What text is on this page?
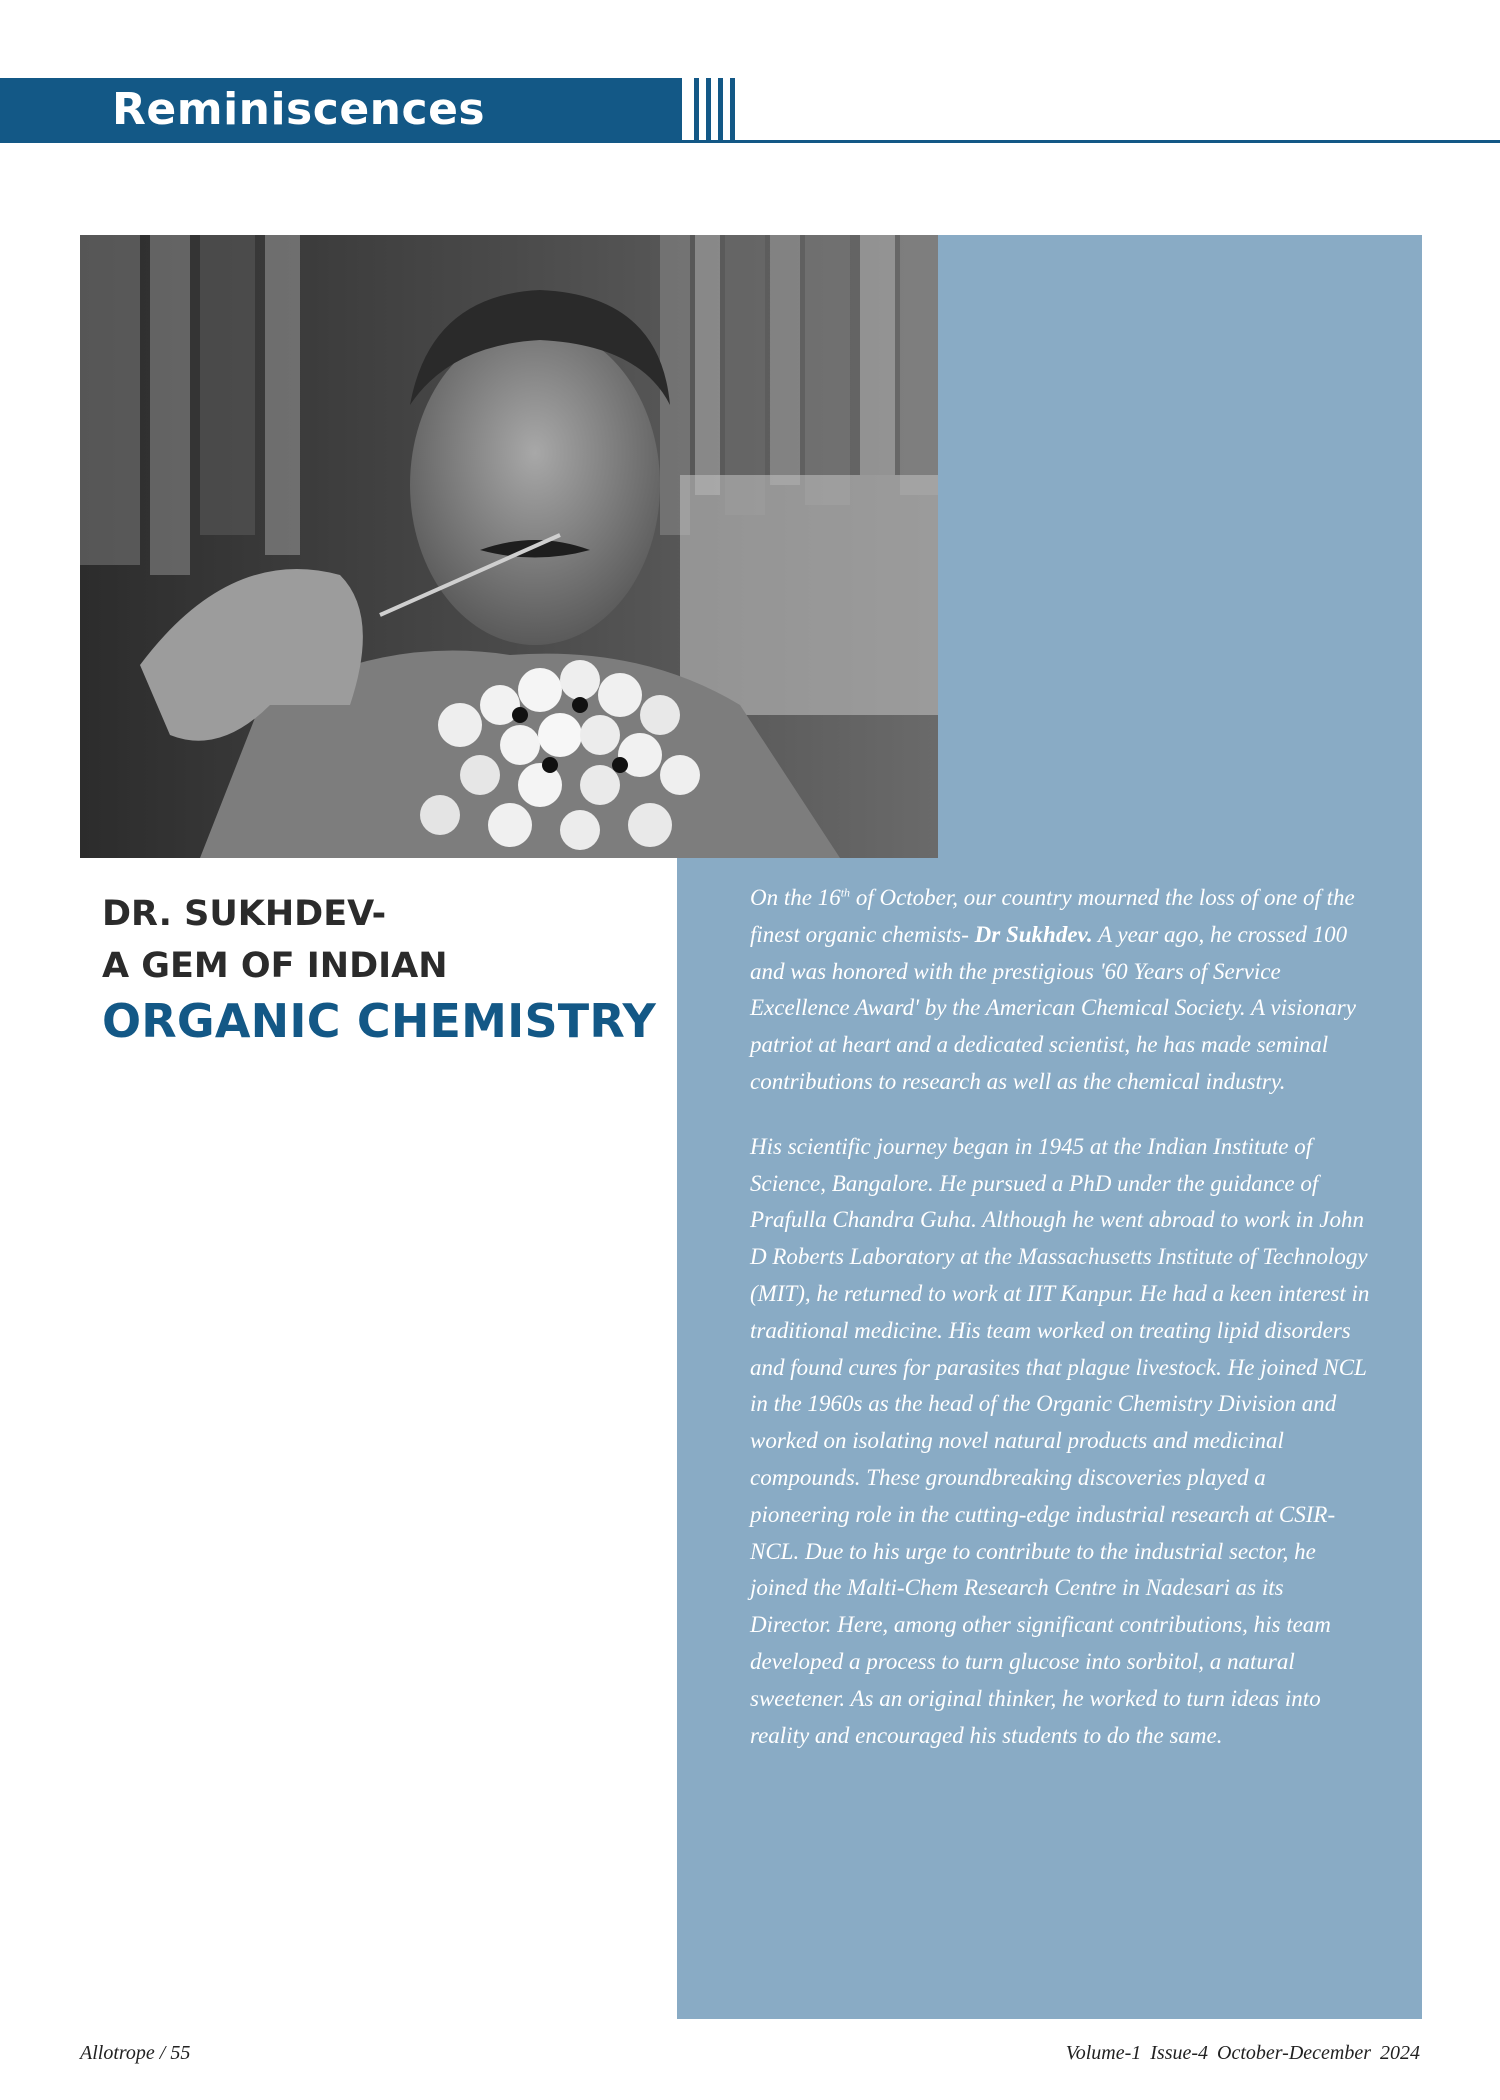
Reminiscences
DR. SUKHDEV-
A GEM OF INDIAN
ORGANIC CHEMISTRY

On the 16th of October, our country mourned the loss of one of the finest organic chemists- Dr Sukhdev. A year ago, he crossed 100 and was honored with the prestigious '60 Years of Service Excellence Award' by the American Chemical Society. A visionary patriot at heart and a dedicated scientist, he has made seminal contributions to research as well as the chemical industry.

His scientific journey began in 1945 at the Indian Institute of Science, Bangalore. He pursued a PhD under the guidance of Prafulla Chandra Guha. Although he went abroad to work in John D Roberts Laboratory at the Massachusetts Institute of Technology (MIT), he returned to work at IIT Kanpur. He had a keen interest in traditional medicine. His team worked on treating lipid disorders and found cures for parasites that plague livestock. He joined NCL in the 1960s as the head of the Organic Chemistry Division and worked on isolating novel natural products and medicinal compounds. These groundbreaking discoveries played a pioneering role in the cutting-edge industrial research at CSIR-NCL. Due to his urge to contribute to the industrial sector, he joined the Malti-Chem Research Centre in Nadesari as its Director. Here, among other significant contributions, his team developed a process to turn glucose into sorbitol, a natural sweetener. As an original thinker, he worked to turn ideas into reality and encouraged his students to do the same.

Allotrope / 55	Volume-1 Issue-4 October-December 2024
